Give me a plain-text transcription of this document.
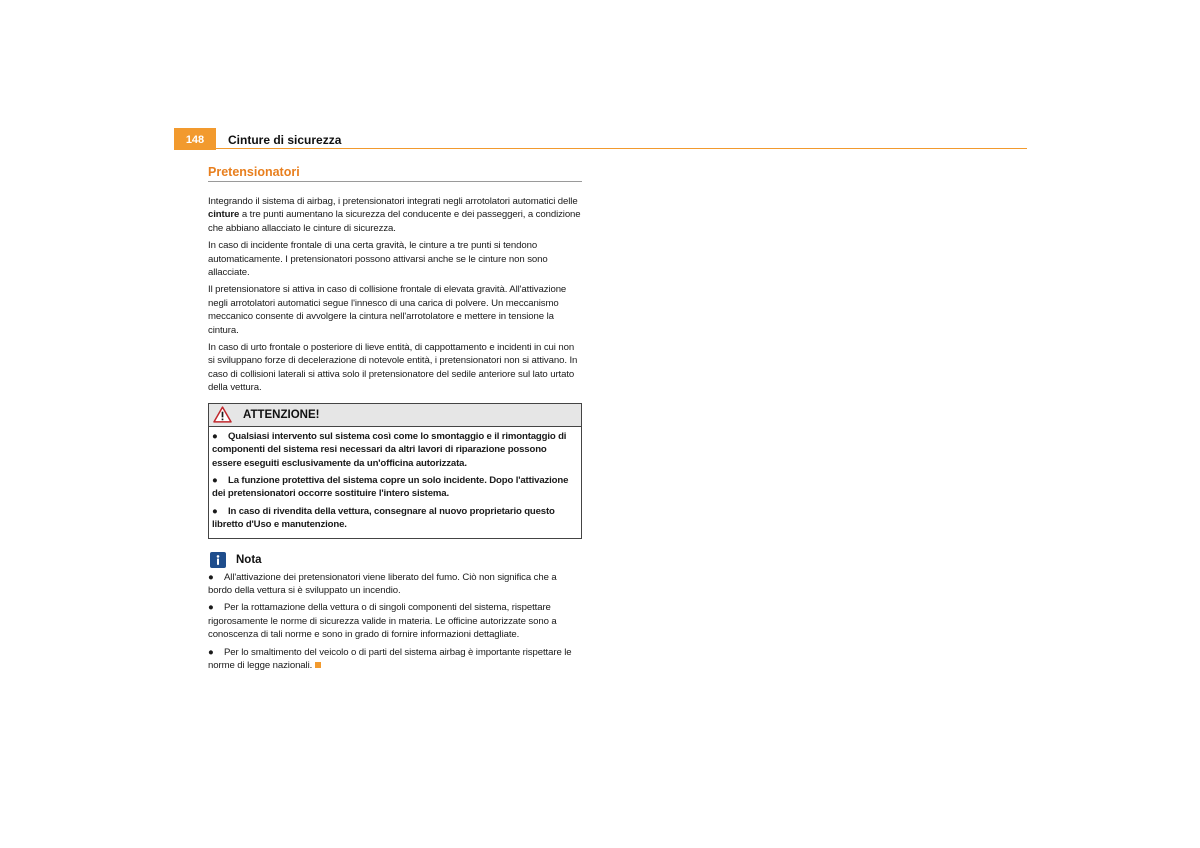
148	Cinture di sicurezza
Pretensionatori

Integrando il sistema di airbag, i pretensionatori integrati negli arrotolatori automatici delle cinture a tre punti aumentano la sicurezza del conducente e dei passeggeri, a condizione che abbiano allacciato le cinture di sicurezza.

In caso di incidente frontale di una certa gravità, le cinture a tre punti si tendono automaticamente. I pretensionatori possono attivarsi anche se le cinture non sono allacciate.

Il pretensionatore si attiva in caso di collisione frontale di elevata gravità. All'attivazione negli arrotolatori automatici segue l'innesco di una carica di polvere. Un meccanismo meccanico consente di avvolgere la cintura nell'arrotolatore e mettere in tensione la cintura.

In caso di urto frontale o posteriore di lieve entità, di cappottamento e incidenti in cui non si sviluppano forze di decelerazione di notevole entità, i pretensionatori non si attivano. In caso di collisioni laterali si attiva solo il pretensionatore del sedile anteriore sul lato urtato della vettura.

ATTENZIONE!

● Qualsiasi intervento sul sistema così come lo smontaggio e il rimontaggio di componenti del sistema resi necessari da altri lavori di riparazione possono essere eseguiti esclusivamente da un'officina autorizzata.

● La funzione protettiva del sistema copre un solo incidente. Dopo l'attivazione dei pretensionatori occorre sostituire l'intero sistema.

● In caso di rivendita della vettura, consegnare al nuovo proprietario questo libretto d'Uso e manutenzione.

Nota

● All'attivazione dei pretensionatori viene liberato del fumo. Ciò non significa che a bordo della vettura si è sviluppato un incendio.

● Per la rottamazione della vettura o di singoli componenti del sistema, rispettare rigorosamente le norme di sicurezza valide in materia. Le officine autorizzate sono a conoscenza di tali norme e sono in grado di fornire informazioni dettagliate.

● Per lo smaltimento del veicolo o di parti del sistema airbag è importante rispettare le norme di legge nazionali.
